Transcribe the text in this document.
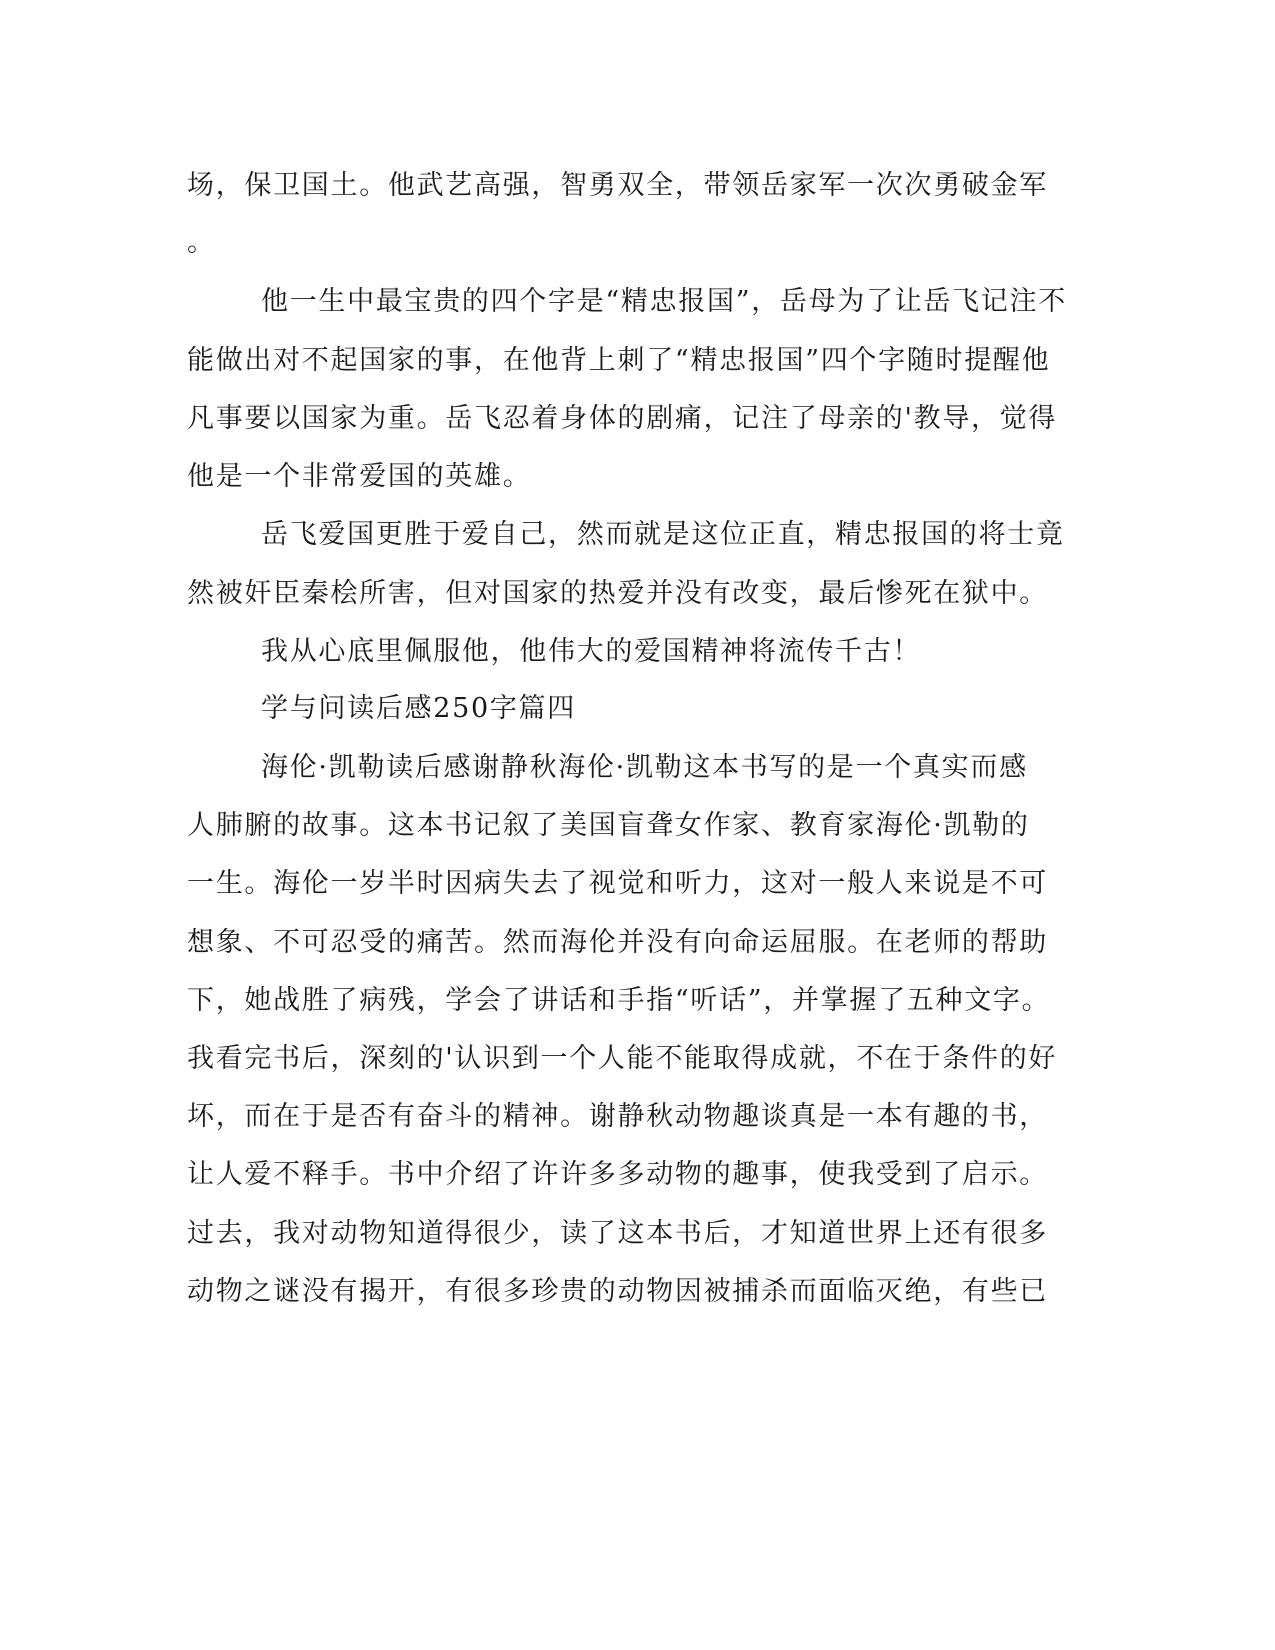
场，保卫国土。他武艺高强，智勇双全，带领岳家军一次次勇破金军
。
他一生中最宝贵的四个字是“精忠报国”，岳母为了让岳飞记注不
能做出对不起国家的事，在他背上刺了“精忠报国”四个字随时提醒他
凡事要以国家为重。岳飞忍着身体的剧痛，记注了母亲的'教导，觉得
他是一个非常爱国的英雄。
岳飞爱国更胜于爱自己，然而就是这位正直，精忠报国的将士竟
然被奸臣秦桧所害，但对国家的热爱并没有改变，最后惨死在狱中。
我从心底里佩服他，他伟大的爱国精神将流传千古！
学与问读后感250字篇四
海伦·凯勒读后感谢静秋海伦·凯勒这本书写的是一个真实而感
人肺腑的故事。这本书记叙了美国盲聋女作家、教育家海伦·凯勒的
一生。海伦一岁半时因病失去了视觉和听力，这对一般人来说是不可
想象、不可忍受的痛苦。然而海伦并没有向命运屈服。在老师的帮助
下，她战胜了病残，学会了讲话和手指“听话”，并掌握了五种文字。
我看完书后，深刻的'认识到一个人能不能取得成就，不在于条件的好
坏，而在于是否有奋斗的精神。谢静秋动物趣谈真是一本有趣的书，
让人爱不释手。书中介绍了许许多多动物的趣事，使我受到了启示。
过去，我对动物知道得很少，读了这本书后，才知道世界上还有很多
动物之谜没有揭开，有很多珍贵的动物因被捕杀而面临灭绝，有些已
